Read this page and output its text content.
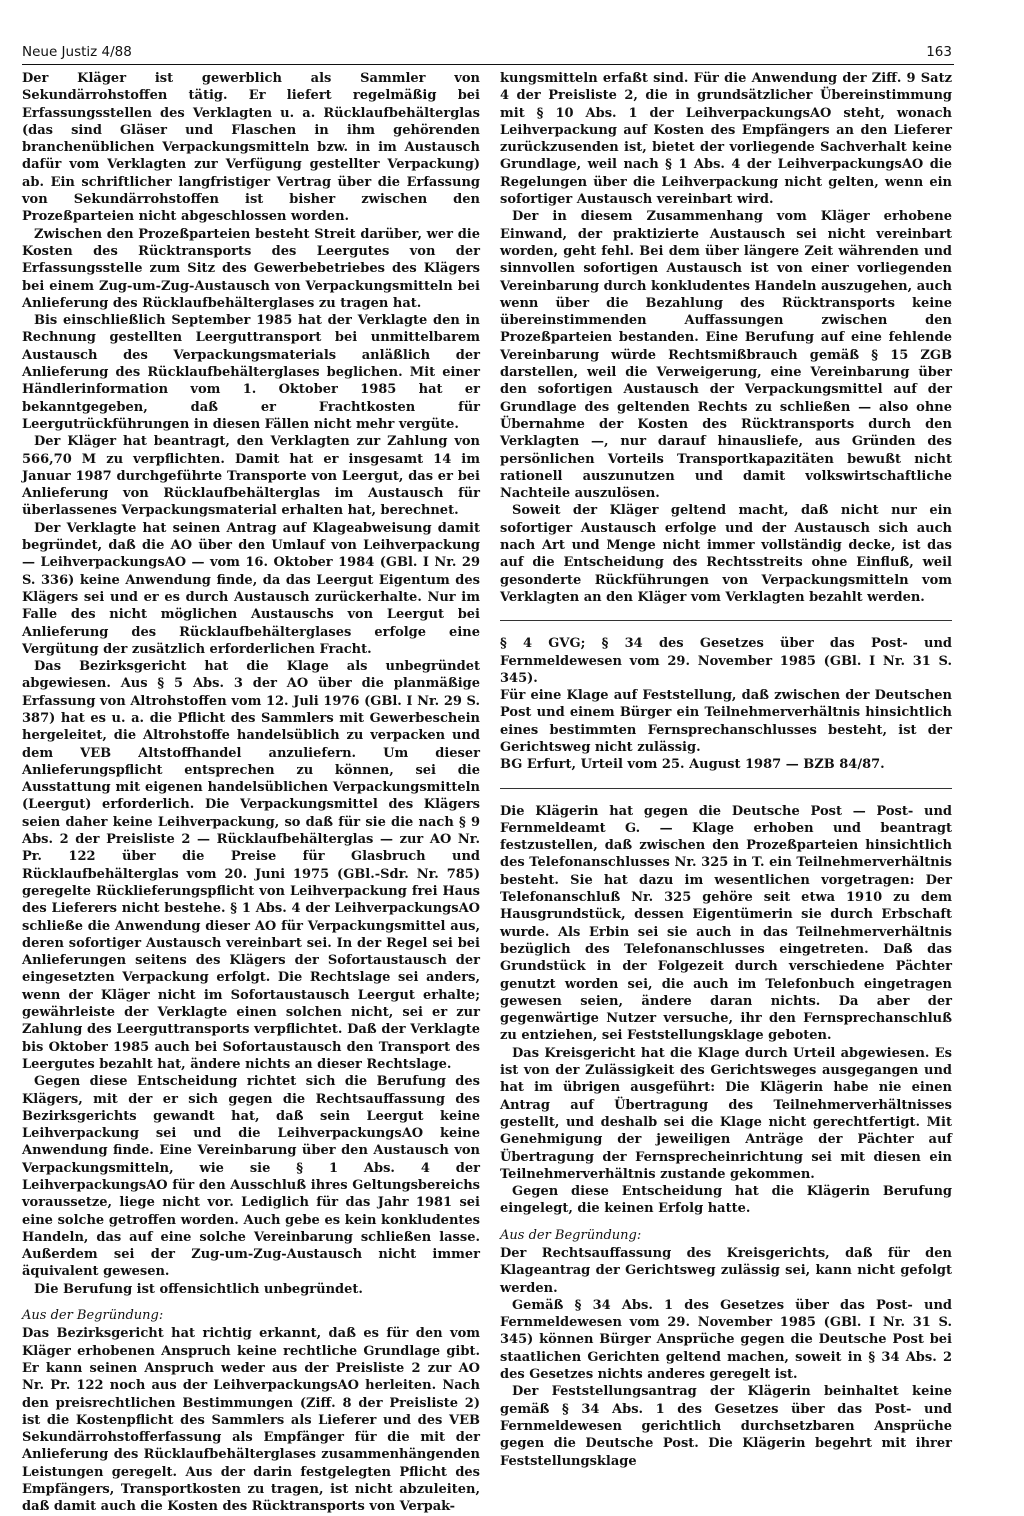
Neue Justiz 4/88	163

Der Kläger ist gewerblich als Sammler von Sekundärrohstoffen tätig. Er liefert regelmäßig bei Erfassungsstellen des Verklagten u. a. Rücklaufbehälterglas (das sind Gläser und Flaschen in ihm gehörenden branchenüblichen Verpackungsmitteln bzw. in im Austausch dafür vom Verklagten zur Verfügung gestellter Verpackung) ab. Ein schriftlicher langfristiger Vertrag über die Erfassung von Sekundärrohstoffen ist bisher zwischen den Prozeßparteien nicht abgeschlossen worden.

Zwischen den Prozeßparteien besteht Streit darüber, wer die Kosten des Rücktransports des Leergutes von der Erfassungsstelle zum Sitz des Gewerbebetriebes des Klägers bei einem Zug-um-Zug-Austausch von Verpackungsmitteln bei Anlieferung des Rücklaufbehälterglases zu tragen hat.

Bis einschließlich September 1985 hat der Verklagte den in Rechnung gestellten Leerguttransport bei unmittelbarem Austausch des Verpackungsmaterials anläßlich der Anlieferung des Rücklaufbehälterglases beglichen. Mit einer Händlerinformation vom 1. Oktober 1985 hat er bekanntgegeben, daß er Frachtkosten für Leergutrückführungen in diesen Fällen nicht mehr vergüte.

Der Kläger hat beantragt, den Verklagten zur Zahlung von 566,70 M zu verpflichten. Damit hat er insgesamt 14 im Januar 1987 durchgeführte Transporte von Leergut, das er bei Anlieferung von Rücklaufbehälterglas im Austausch für überlassenes Verpackungsmaterial erhalten hat, berechnet.

Der Verklagte hat seinen Antrag auf Klageabweisung damit begründet, daß die AO über den Umlauf von Leihverpackung — LeihverpackungsAO — vom 16. Oktober 1984 (GBl. I Nr. 29 S. 336) keine Anwendung finde, da das Leergut Eigentum des Klägers sei und er es durch Austausch zurückerhalte. Nur im Falle des nicht möglichen Austauschs von Leergut bei Anlieferung des Rücklaufbehälterglases erfolge eine Vergütung der zusätzlich erforderlichen Fracht.

Das Bezirksgericht hat die Klage als unbegründet abgewiesen. Aus § 5 Abs. 3 der AO über die planmäßige Erfassung von Altrohstoffen vom 12. Juli 1976 (GBl. I Nr. 29 S. 387) hat es u. a. die Pflicht des Sammlers mit Gewerbeschein hergeleitet, die Altrohstoffe handelsüblich zu verpacken und dem VEB Altstoffhandel anzuliefern. Um dieser Anlieferungspflicht entsprechen zu können, sei die Ausstattung mit eigenen handelsüblichen Verpackungsmitteln (Leergut) erforderlich. Die Verpackungsmittel des Klägers seien daher keine Leihverpackung, so daß für sie die nach § 9 Abs. 2 der Preisliste 2 — Rücklaufbehälterglas — zur AO Nr. Pr. 122 über die Preise für Glasbruch und Rücklaufbehälterglas vom 20. Juni 1975 (GBl.-Sdr. Nr. 785) geregelte Rücklieferungspflicht von Leihverpackung frei Haus des Lieferers nicht bestehe. § 1 Abs. 4 der LeihverpackungsAO schließe die Anwendung dieser AO für Verpackungsmittel aus, deren sofortiger Austausch vereinbart sei. In der Regel sei bei Anlieferungen seitens des Klägers der Sofortaustausch der eingesetzten Verpackung erfolgt. Die Rechtslage sei anders, wenn der Kläger nicht im Sofortaustausch Leergut erhalte; gewährleiste der Verklagte einen solchen nicht, sei er zur Zahlung des Leerguttransports verpflichtet. Daß der Verklagte bis Oktober 1985 auch bei Sofortaustausch den Transport des Leergutes bezahlt hat, ändere nichts an dieser Rechtslage.

Gegen diese Entscheidung richtet sich die Berufung des Klägers, mit der er sich gegen die Rechtsauffassung des Bezirksgerichts gewandt hat, daß sein Leergut keine Leihverpackung sei und die LeihverpackungsAO keine Anwendung finde. Eine Vereinbarung über den Austausch von Verpackungsmitteln, wie sie § 1 Abs. 4 der LeihverpackungsAO für den Ausschluß ihres Geltungsbereichs voraussetze, liege nicht vor. Lediglich für das Jahr 1981 sei eine solche getroffen worden. Auch gebe es kein konkludentes Handeln, das auf eine solche Vereinbarung schließen lasse. Außerdem sei der Zug-um-Zug-Austausch nicht immer äquivalent gewesen.

Die Berufung ist offensichtlich unbegründet.

Aus der Begründung:

Das Bezirksgericht hat richtig erkannt, daß es für den vom Kläger erhobenen Anspruch keine rechtliche Grundlage gibt. Er kann seinen Anspruch weder aus der Preisliste 2 zur AO Nr. Pr. 122 noch aus der LeihverpackungsAO herleiten. Nach den preisrechtlichen Bestimmungen (Ziff. 8 der Preisliste 2) ist die Kostenpflicht des Sammlers als Lieferer und des VEB Sekundärrohstofferfassung als Empfänger für die mit der Anlieferung des Rücklaufbehälterglases zusammenhängenden Leistungen geregelt. Aus der darin festgelegten Pflicht des Empfängers, Transportkosten zu tragen, ist nicht abzuleiten, daß damit auch die Kosten des Rücktransports von Verpak-

kungsmitteln erfaßt sind. Für die Anwendung der Ziff. 9 Satz 4 der Preisliste 2, die in grundsätzlicher Übereinstimmung mit § 10 Abs. 1 der LeihverpackungsAO steht, wonach Leihverpackung auf Kosten des Empfängers an den Lieferer zurückzusenden ist, bietet der vorliegende Sachverhalt keine Grundlage, weil nach § 1 Abs. 4 der LeihverpackungsAO die Regelungen über die Leihverpackung nicht gelten, wenn ein sofortiger Austausch vereinbart wird.

Der in diesem Zusammenhang vom Kläger erhobene Einwand, der praktizierte Austausch sei nicht vereinbart worden, geht fehl. Bei dem über längere Zeit währenden und sinnvollen sofortigen Austausch ist von einer vorliegenden Vereinbarung durch konkludentes Handeln auszugehen, auch wenn über die Bezahlung des Rücktransports keine übereinstimmenden Auffassungen zwischen den Prozeßparteien bestanden. Eine Berufung auf eine fehlende Vereinbarung würde Rechtsmißbrauch gemäß § 15 ZGB darstellen, weil die Verweigerung, eine Vereinbarung über den sofortigen Austausch der Verpackungsmittel auf der Grundlage des geltenden Rechts zu schließen — also ohne Übernahme der Kosten des Rücktransports durch den Verklagten —, nur darauf hinausliefe, aus Gründen des persönlichen Vorteils Transportkapazitäten bewußt nicht rationell auszunutzen und damit volkswirtschaftliche Nachteile auszulösen.

Soweit der Kläger geltend macht, daß nicht nur ein sofortiger Austausch erfolge und der Austausch sich auch nach Art und Menge nicht immer vollständig decke, ist das auf die Entscheidung des Rechtsstreits ohne Einfluß, weil gesonderte Rückführungen von Verpackungsmitteln vom Verklagten an den Kläger vom Verklagten bezahlt werden.

§ 4 GVG; § 34 des Gesetzes über das Post- und Fernmeldewesen vom 29. November 1985 (GBl. I Nr. 31 S. 345).

Für eine Klage auf Feststellung, daß zwischen der Deutschen Post und einem Bürger ein Teilnehmerverhältnis hinsichtlich eines bestimmten Fernsprechanschlusses besteht, ist der Gerichtsweg nicht zulässig.

BG Erfurt, Urteil vom 25. August 1987 — BZB 84/87.

Die Klägerin hat gegen die Deutsche Post — Post- und Fernmeldeamt G. — Klage erhoben und beantragt festzustellen, daß zwischen den Prozeßparteien hinsichtlich des Telefonanschlusses Nr. 325 in T. ein Teilnehmerverhältnis besteht. Sie hat dazu im wesentlichen vorgetragen: Der Telefonanschluß Nr. 325 gehöre seit etwa 1910 zu dem Hausgrundstück, dessen Eigentümerin sie durch Erbschaft wurde. Als Erbin sei sie auch in das Teilnehmerverhältnis bezüglich des Telefonanschlusses eingetreten. Daß das Grundstück in der Folgezeit durch verschiedene Pächter genutzt worden sei, die auch im Telefonbuch eingetragen gewesen seien, ändere daran nichts. Da aber der gegenwärtige Nutzer versuche, ihr den Fernsprechanschluß zu entziehen, sei Feststellungsklage geboten.

Das Kreisgericht hat die Klage durch Urteil abgewiesen. Es ist von der Zulässigkeit des Gerichtsweges ausgegangen und hat im übrigen ausgeführt: Die Klägerin habe nie einen Antrag auf Übertragung des Teilnehmerverhältnisses gestellt, und deshalb sei die Klage nicht gerechtfertigt. Mit Genehmigung der jeweiligen Anträge der Pächter auf Übertragung der Fernsprecheinrichtung sei mit diesen ein Teilnehmerverhältnis zustande gekommen.

Gegen diese Entscheidung hat die Klägerin Berufung eingelegt, die keinen Erfolg hatte.

Aus der Begründung:

Der Rechtsauffassung des Kreisgerichts, daß für den Klageantrag der Gerichtsweg zulässig sei, kann nicht gefolgt werden.

Gemäß § 34 Abs. 1 des Gesetzes über das Post- und Fernmeldewesen vom 29. November 1985 (GBl. I Nr. 31 S. 345) können Bürger Ansprüche gegen die Deutsche Post bei staatlichen Gerichten geltend machen, soweit in § 34 Abs. 2 des Gesetzes nichts anderes geregelt ist.

Der Feststellungsantrag der Klägerin beinhaltet keine gemäß § 34 Abs. 1 des Gesetzes über das Post- und Fernmeldewesen gerichtlich durchsetzbaren Ansprüche gegen die Deutsche Post. Die Klägerin begehrt mit ihrer Feststellungsklage
